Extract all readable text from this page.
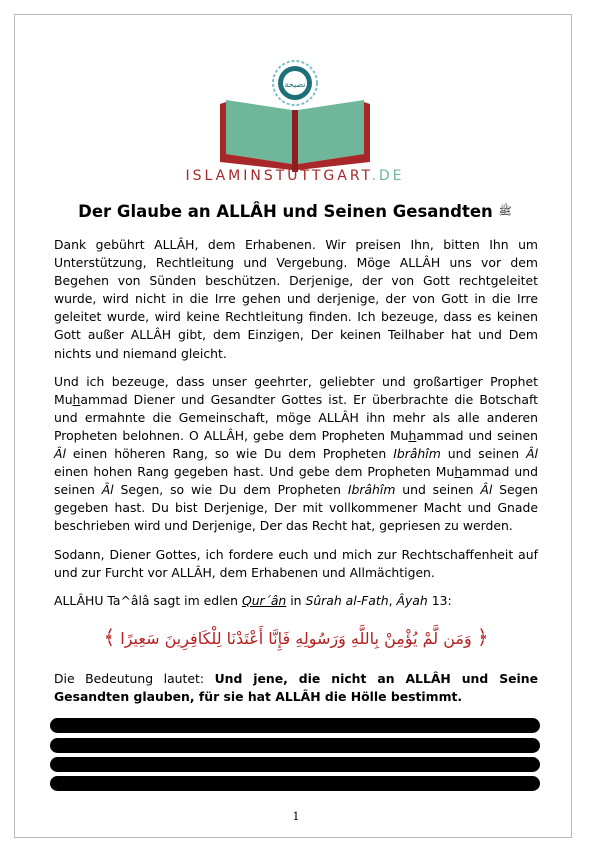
نصيحة
ISLAMINSTUTTGART.DE
Der Glaube an ALLÂH und Seinen Gesandten ﷺ

Dank gebührt ALLÂH, dem Erhabenen. Wir preisen Ihn, bitten Ihn um Unterstützung, Rechtleitung und Vergebung. Möge ALLÂH uns vor dem Begehen von Sünden beschützen. Derjenige, der von Gott rechtgeleitet wurde, wird nicht in die Irre gehen und derjenige, der von Gott in die Irre geleitet wurde, wird keine Rechtleitung finden. Ich bezeuge, dass es keinen Gott außer ALLÂH gibt, dem Einzigen, Der keinen Teilhaber hat und Dem nichts und niemand gleicht.

Und ich bezeuge, dass unser geehrter, geliebter und großartiger Prophet Muhammad Diener und Gesandter Gottes ist. Er überbrachte die Botschaft und ermahnte die Gemeinschaft, möge ALLÂH ihn mehr als alle anderen Propheten belohnen. O ALLÂH, gebe dem Propheten Muhammad und seinen Âl einen höheren Rang, so wie Du dem Propheten Ibrâhîm und seinen Âl einen hohen Rang gegeben hast. Und gebe dem Propheten Muhammad und seinen Âl Segen, so wie Du dem Propheten Ibrâhîm und seinen Âl Segen gegeben hast. Du bist Derjenige, Der mit vollkommener Macht und Gnade beschrieben wird und Derjenige, Der das Recht hat, gepriesen zu werden.

Sodann, Diener Gottes, ich fordere euch und mich zur Rechtschaffenheit auf und zur Furcht vor ALLÂH, dem Erhabenen und Allmächtigen.

ALLÂHU Ta^âlâ sagt im edlen Qur´ân in Sûrah al-Fath, Âyah 13:

﴿ وَمَن لَّمْ يُؤْمِنْ بِاللَّهِ وَرَسُولِهِ فَإِنَّا أَعْتَدْنَا لِلْكَافِرِينَ سَعِيرًا ﴾
Die Bedeutung lautet: Und jene, die nicht an ALLÂH und Seine Gesandten glauben, für sie hat ALLÂH die Hölle bestimmt.
1
